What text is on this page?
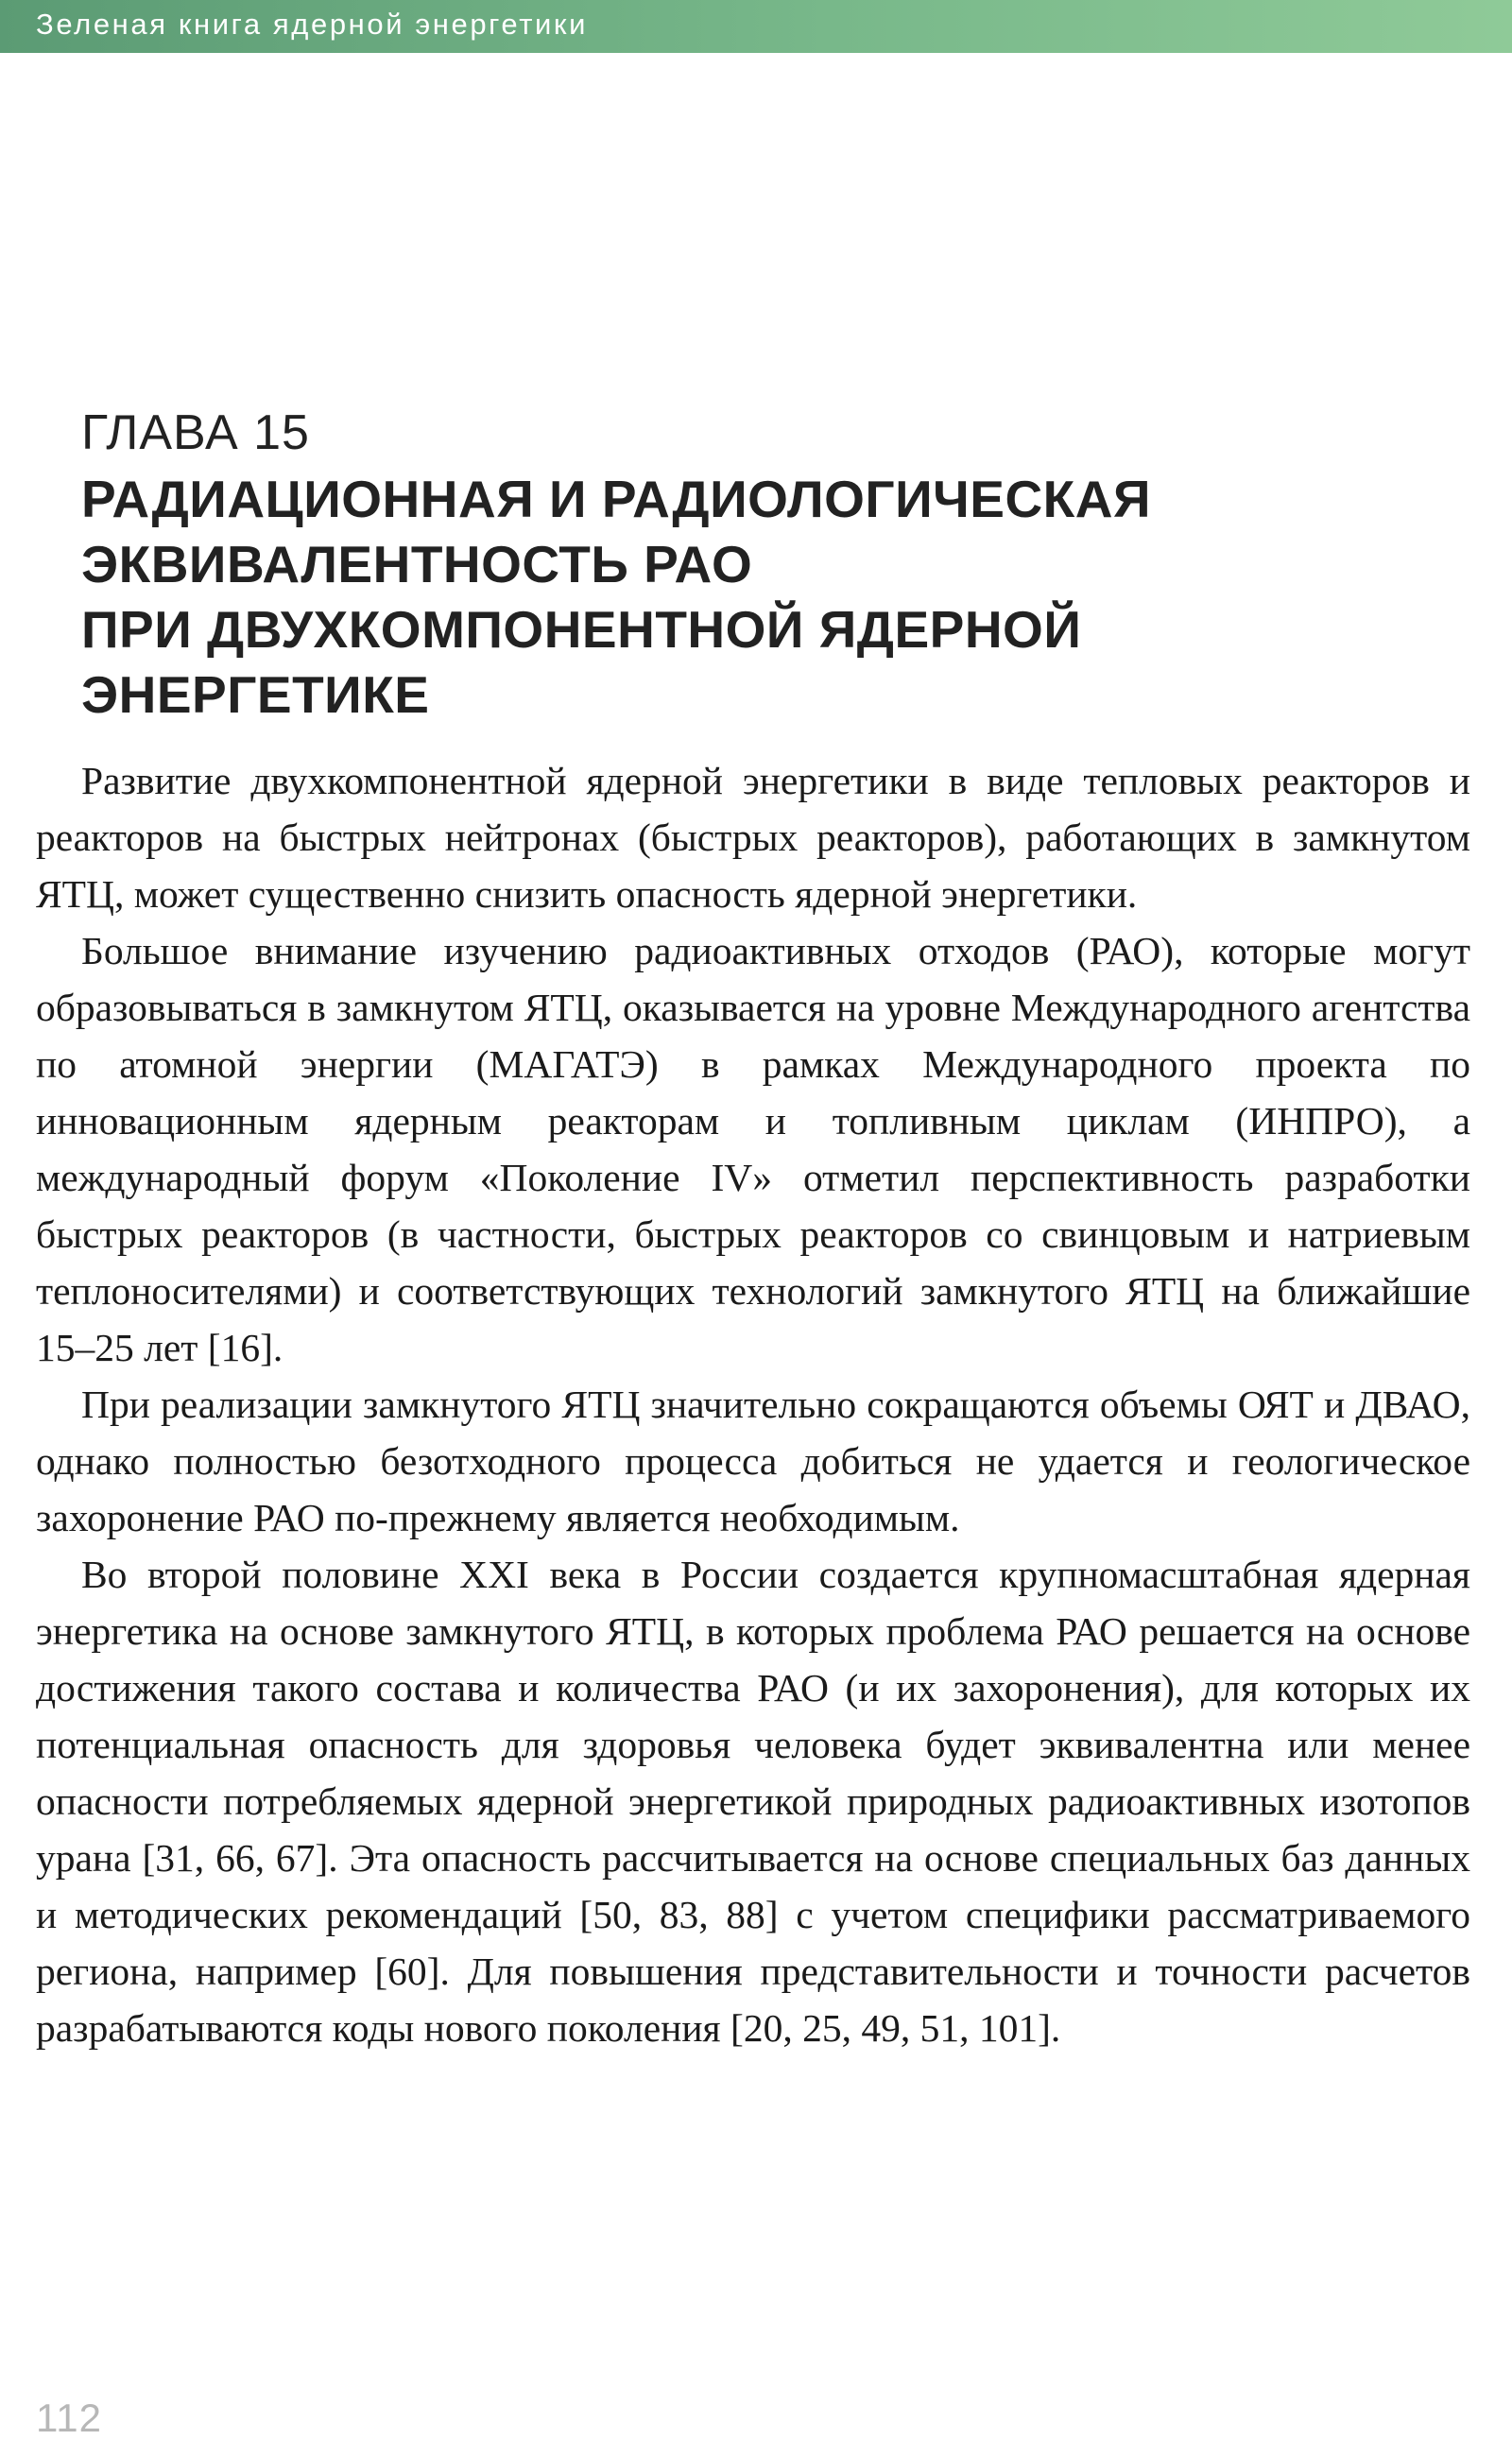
Зеленая книга ядерной энергетики
ГЛАВА 15
РАДИАЦИОННАЯ И РАДИОЛОГИЧЕСКАЯ
ЭКВИВАЛЕНТНОСТЬ РАО
ПРИ ДВУХКОМПОНЕНТНОЙ ЯДЕРНОЙ
ЭНЕРГЕТИКЕ

Развитие двухкомпонентной ядерной энергетики в виде тепловых реакторов и реакторов на быстрых нейтронах (быстрых реакторов), работающих в замкнутом ЯТЦ, может существенно снизить опасность ядерной энергетики.

Большое внимание изучению радиоактивных отходов (РАО), которые могут образовываться в замкнутом ЯТЦ, оказывается на уровне Международного агентства по атомной энергии (МАГАТЭ) в рамках Международного проекта по инновационным ядерным реакторам и топливным циклам (ИНПРО), а международный форум «Поколение IV» отметил перспективность разработки быстрых реакторов (в частности, быстрых реакторов со свинцовым и натриевым теплоносителями) и соответствующих технологий замкнутого ЯТЦ на ближайшие 15–25 лет [16].

При реализации замкнутого ЯТЦ значительно сокращаются объемы ОЯТ и ДВАО, однако полностью безотходного процесса добиться не удается и геологическое захоронение РАО по-прежнему является необходимым.

Во второй половине XXI века в России создается крупномасштабная ядерная энергетика на основе замкнутого ЯТЦ, в которых проблема РАО решается на основе достижения такого состава и количества РАО (и их захоронения), для которых их потенциальная опасность для здоровья человека будет эквивалентна или менее опасности потребляемых ядерной энергетикой природных радиоактивных изотопов урана [31, 66, 67]. Эта опасность рассчитывается на основе специальных баз данных и методических рекомендаций [50, 83, 88] с учетом специфики рассматриваемого региона, например [60]. Для повышения представительности и точности расчетов разрабатываются коды нового поколения [20, 25, 49, 51, 101].

112
